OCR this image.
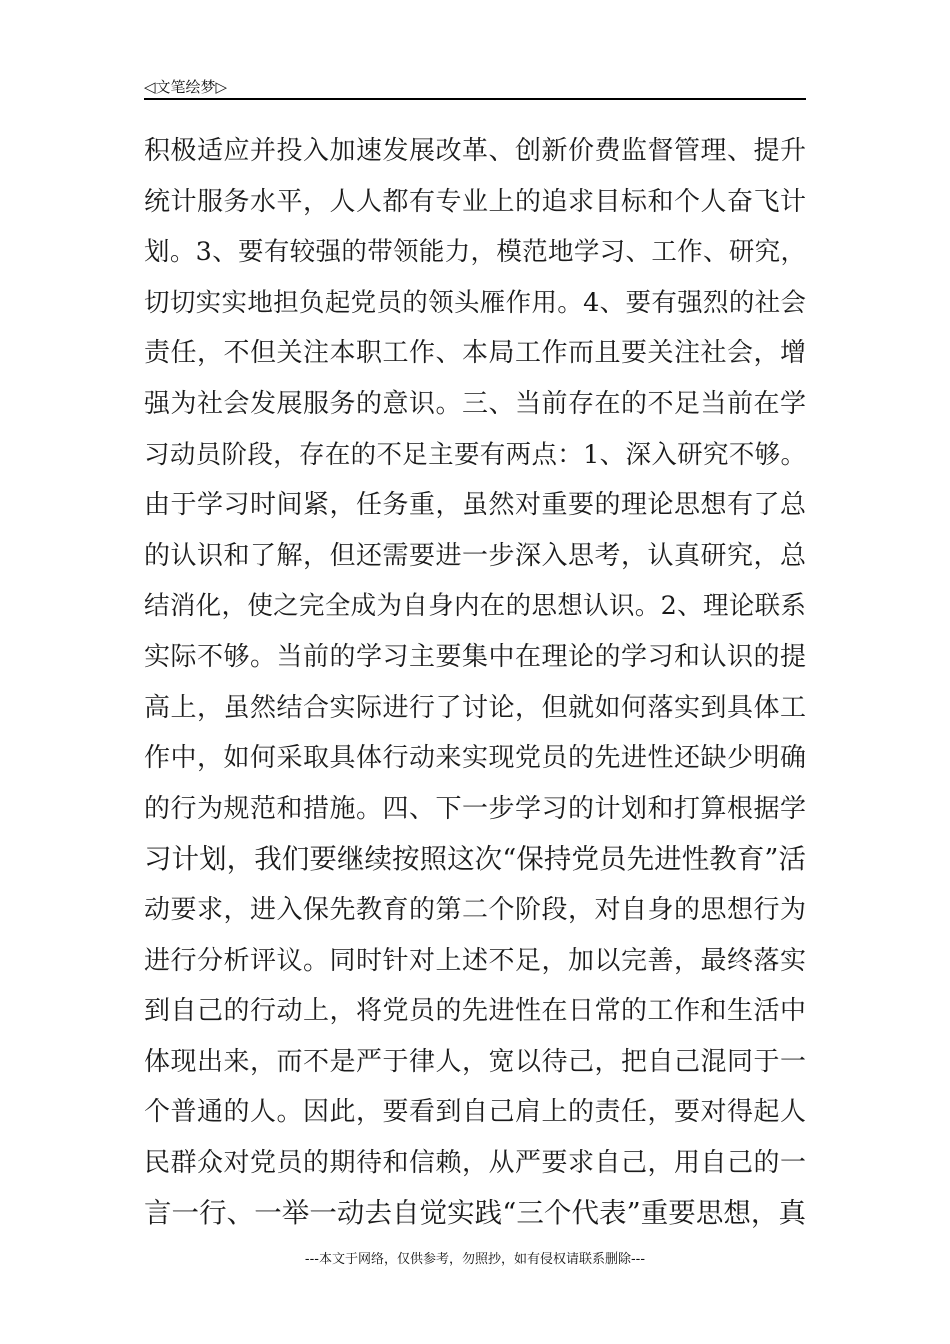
◁文笔绘梦▷
积极适应并投入加速发展改革、创新价费监督管理、提升
统计服务水平，人人都有专业上的追求目标和个人奋飞计
划。3、要有较强的带领能力，模范地学习、工作、研究，
切切实实地担负起党员的领头雁作用。4、要有强烈的社会
责任，不但关注本职工作、本局工作而且要关注社会，增
强为社会发展服务的意识。三、当前存在的不足当前在学
习动员阶段，存在的不足主要有两点：1、深入研究不够。
由于学习时间紧，任务重，虽然对重要的理论思想有了总
的认识和了解，但还需要进一步深入思考，认真研究，总
结消化，使之完全成为自身内在的思想认识。2、理论联系
实际不够。当前的学习主要集中在理论的学习和认识的提
高上，虽然结合实际进行了讨论，但就如何落实到具体工
作中，如何采取具体行动来实现党员的先进性还缺少明确
的行为规范和措施。四、下一步学习的计划和打算根据学
习计划，我们要继续按照这次“保持党员先进性教育”活
动要求，进入保先教育的第二个阶段，对自身的思想行为
进行分析评议。同时针对上述不足，加以完善，最终落实
到自己的行动上，将党员的先进性在日常的工作和生活中
体现出来，而不是严于律人，宽以待己，把自己混同于一
个普通的人。因此，要看到自己肩上的责任，要对得起人
民群众对党员的期待和信赖，从严要求自己，用自己的一
言一行、一举一动去自觉实践“三个代表”重要思想，真
---本文于网络，仅供参考，勿照抄，如有侵权请联系删除---
